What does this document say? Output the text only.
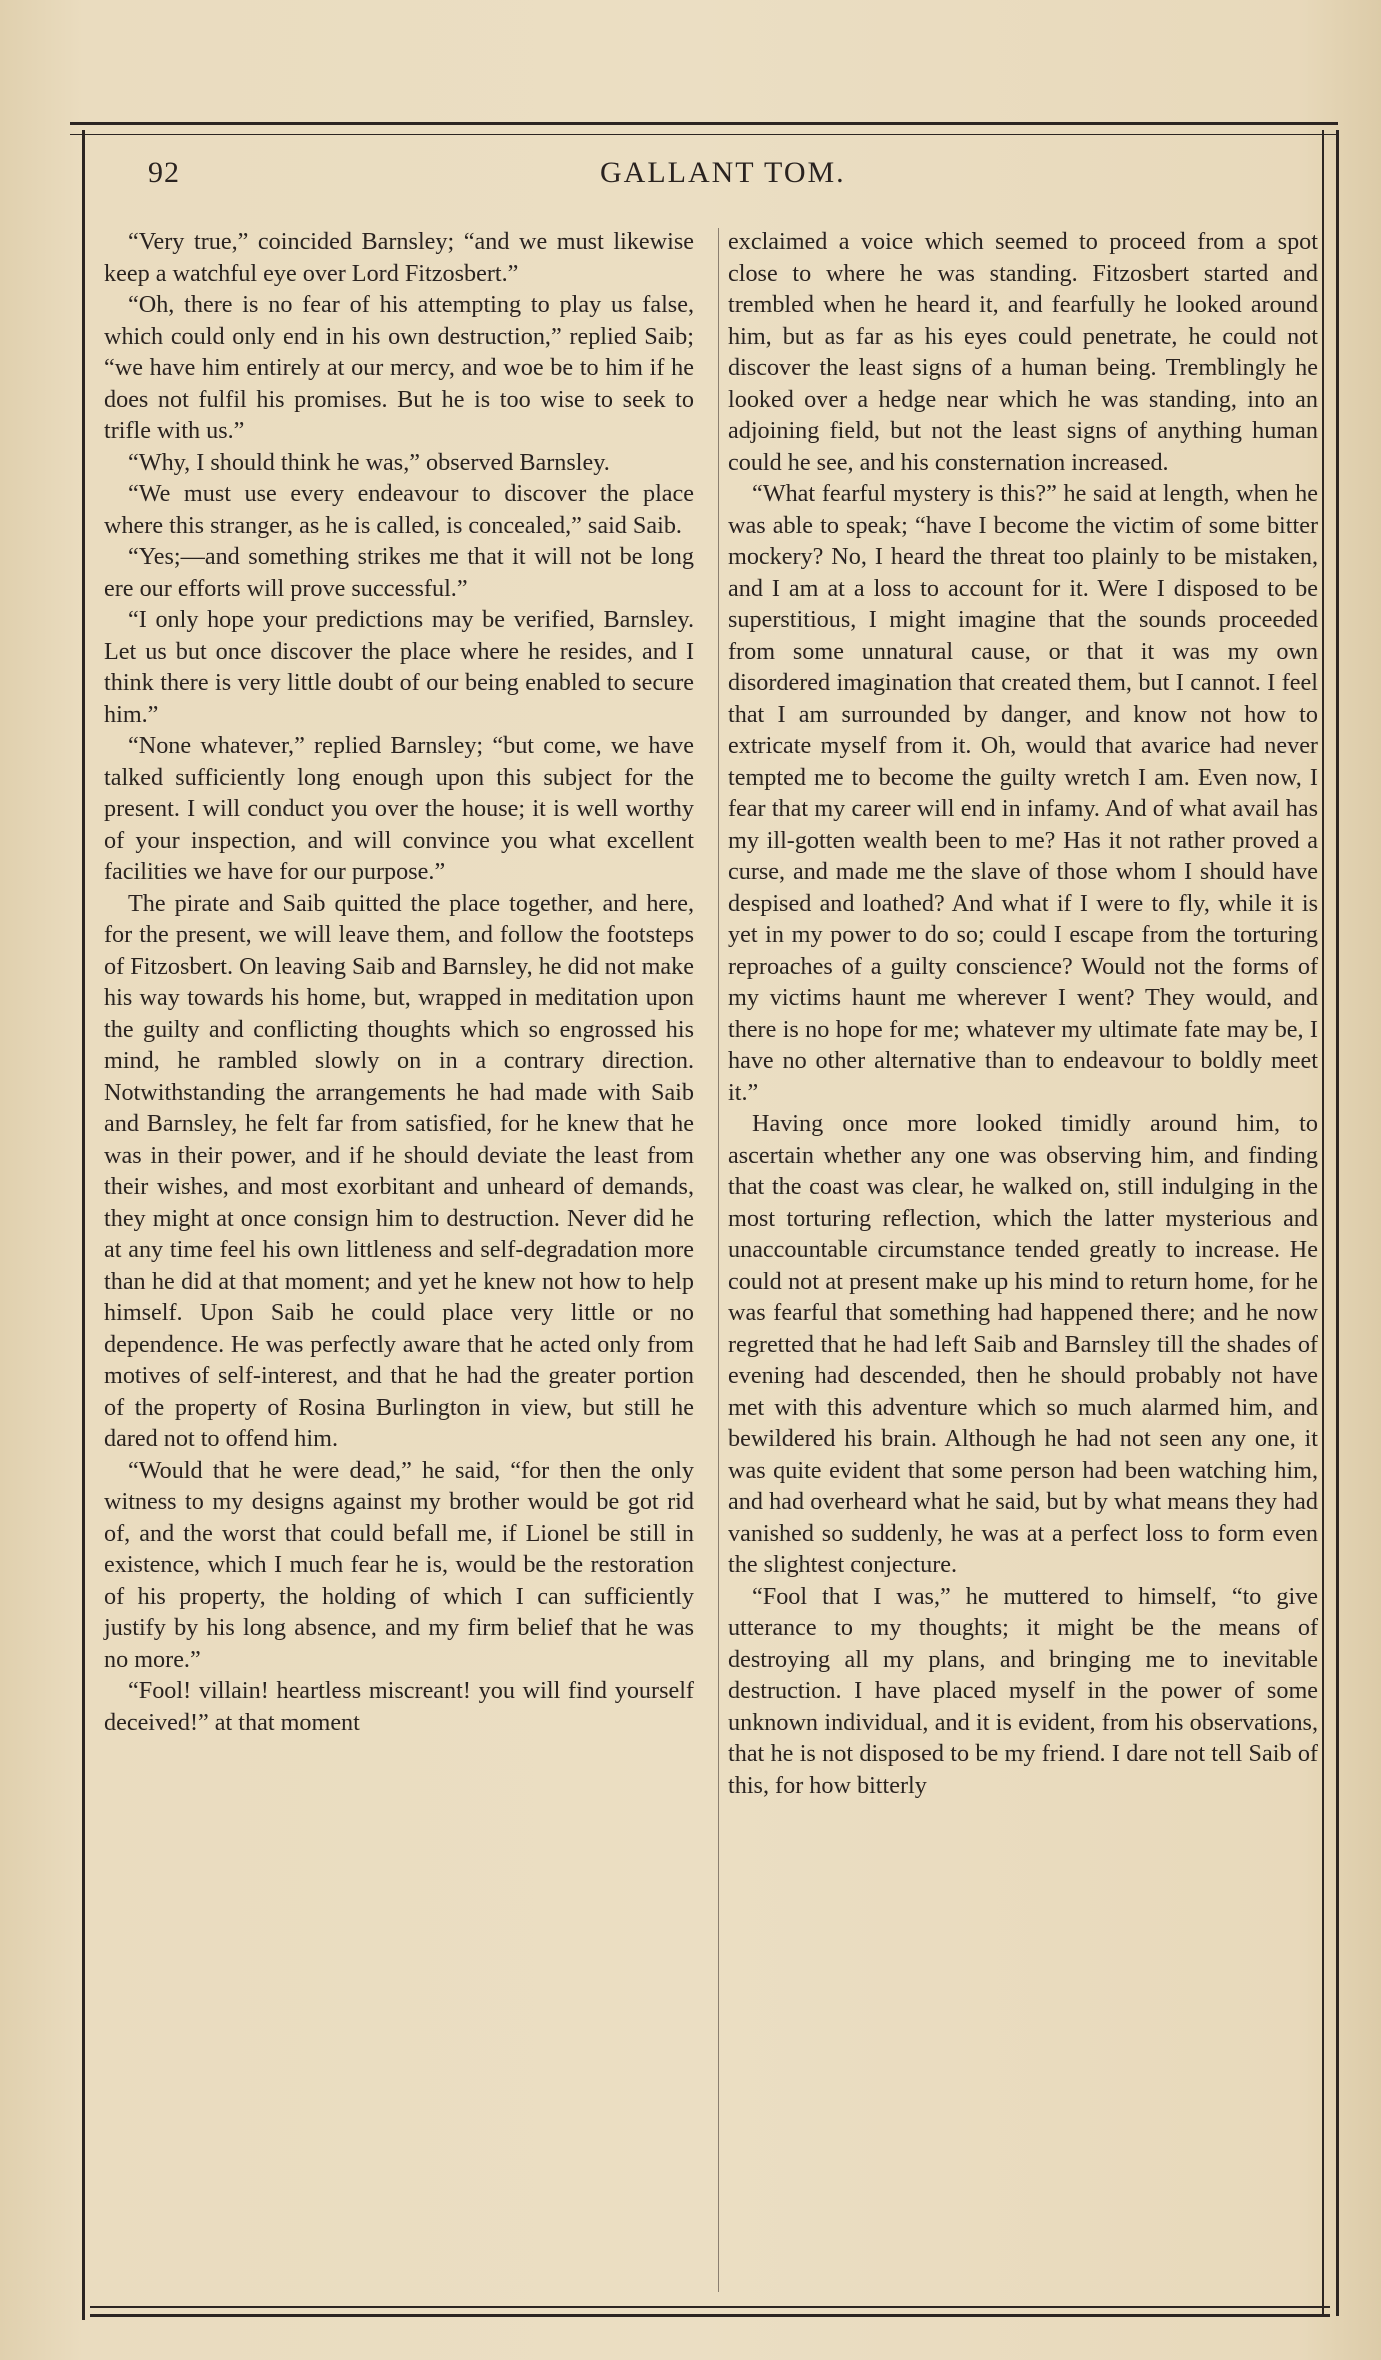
92	GALLANT TOM.

“Very true,” coincided Barnsley; “and we must likewise keep a watchful eye over Lord Fitzosbert.”

“Oh, there is no fear of his attempting to play us false, which could only end in his own destruction,” replied Saib; “we have him entirely at our mercy, and woe be to him if he does not fulfil his promises. But he is too wise to seek to trifle with us.”

“Why, I should think he was,” observed Barnsley.

“We must use every endeavour to discover the place where this stranger, as he is called, is concealed,” said Saib.

“Yes;—and something strikes me that it will not be long ere our efforts will prove successful.”

“I only hope your predictions may be verified, Barnsley. Let us but once discover the place where he resides, and I think there is very little doubt of our being enabled to secure him.”

“None whatever,” replied Barnsley; “but come, we have talked sufficiently long enough upon this subject for the present. I will conduct you over the house; it is well worthy of your inspection, and will convince you what excellent facilities we have for our purpose.”

The pirate and Saib quitted the place together, and here, for the present, we will leave them, and follow the footsteps of Fitzosbert. On leaving Saib and Barnsley, he did not make his way towards his home, but, wrapped in meditation upon the guilty and conflicting thoughts which so engrossed his mind, he rambled slowly on in a contrary direction. Notwithstanding the arrangements he had made with Saib and Barnsley, he felt far from satisfied, for he knew that he was in their power, and if he should deviate the least from their wishes, and most exorbitant and unheard of demands, they might at once consign him to destruction. Never did he at any time feel his own littleness and self-degradation more than he did at that moment; and yet he knew not how to help himself. Upon Saib he could place very little or no dependence. He was perfectly aware that he acted only from motives of self-interest, and that he had the greater portion of the property of Rosina Burlington in view, but still he dared not to offend him.

“Would that he were dead,” he said, “for then the only witness to my designs against my brother would be got rid of, and the worst that could befall me, if Lionel be still in existence, which I much fear he is, would be the restoration of his property, the holding of which I can sufficiently justify by his long absence, and my firm belief that he was no more.”

“Fool! villain! heartless miscreant! you will find yourself deceived!” at that moment

exclaimed a voice which seemed to proceed from a spot close to where he was standing. Fitzosbert started and trembled when he heard it, and fearfully he looked around him, but as far as his eyes could penetrate, he could not discover the least signs of a human being. Tremblingly he looked over a hedge near which he was standing, into an adjoining field, but not the least signs of anything human could he see, and his consternation increased.

“What fearful mystery is this?” he said at length, when he was able to speak; “have I become the victim of some bitter mockery? No, I heard the threat too plainly to be mistaken, and I am at a loss to account for it. Were I disposed to be superstitious, I might imagine that the sounds proceeded from some unnatural cause, or that it was my own disordered imagination that created them, but I cannot. I feel that I am surrounded by danger, and know not how to extricate myself from it. Oh, would that avarice had never tempted me to become the guilty wretch I am. Even now, I fear that my career will end in infamy. And of what avail has my ill-gotten wealth been to me? Has it not rather proved a curse, and made me the slave of those whom I should have despised and loathed? And what if I were to fly, while it is yet in my power to do so; could I escape from the torturing reproaches of a guilty conscience? Would not the forms of my victims haunt me wherever I went? They would, and there is no hope for me; whatever my ultimate fate may be, I have no other alternative than to endeavour to boldly meet it.”

Having once more looked timidly around him, to ascertain whether any one was observing him, and finding that the coast was clear, he walked on, still indulging in the most torturing reflection, which the latter mysterious and unaccountable circumstance tended greatly to increase. He could not at present make up his mind to return home, for he was fearful that something had happened there; and he now regretted that he had left Saib and Barnsley till the shades of evening had descended, then he should probably not have met with this adventure which so much alarmed him, and bewildered his brain. Although he had not seen any one, it was quite evident that some person had been watching him, and had overheard what he said, but by what means they had vanished so suddenly, he was at a perfect loss to form even the slightest conjecture.

“Fool that I was,” he muttered to himself, “to give utterance to my thoughts; it might be the means of destroying all my plans, and bringing me to inevitable destruction. I have placed myself in the power of some unknown individual, and it is evident, from his observations, that he is not disposed to be my friend. I dare not tell Saib of this, for how bitterly
